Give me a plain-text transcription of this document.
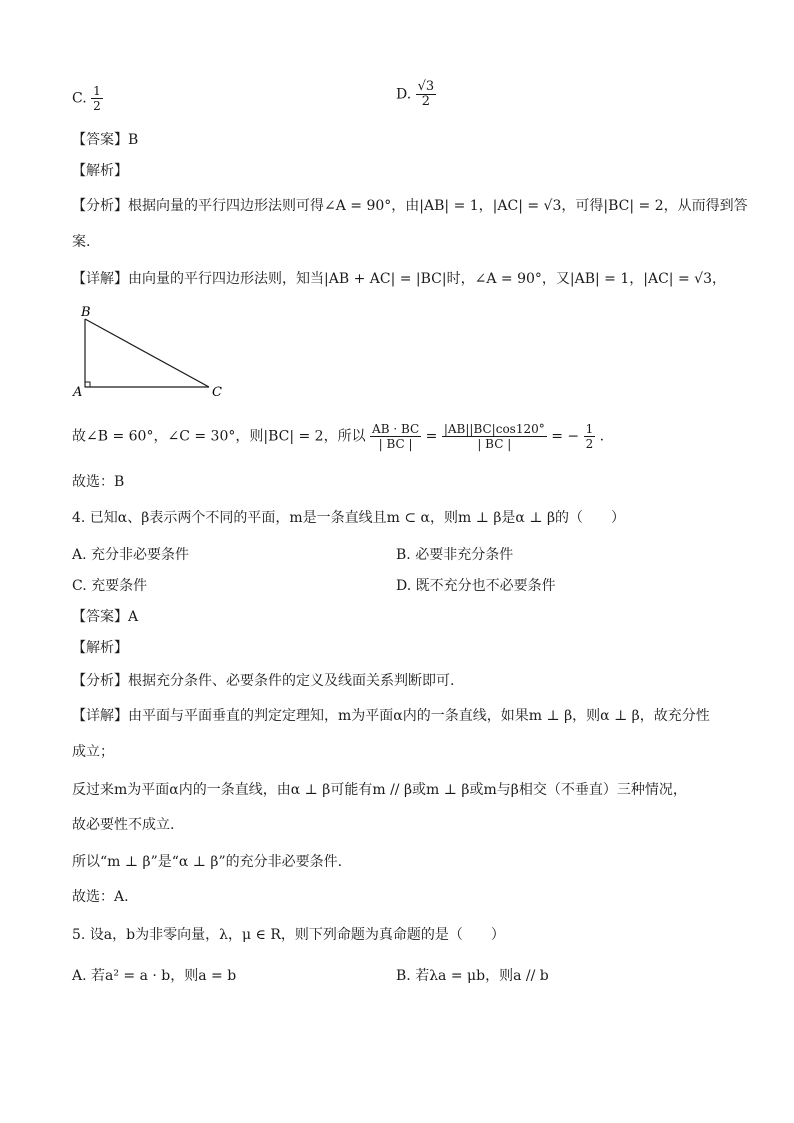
C. $\frac{1}{2}$	D. $\frac{√3}{2}$
【答案】B
【解析】
【分析】根据向量的平行四边形法则可得∠A = 90°，由|AB| = 1，|AC| = √3，可得|BC| = 2，从而得到答
案.
【详解】由向量的平行四边形法则，知当|AB + AC| = |BC|时，∠A = 90°，又|AB| = 1，|AC| = √3，
B
A	C
故∠B = 60°，∠C = 30°，则|BC| = 2，所以 $\frac{AB \cdot BC}{| BC |} = \frac{|AB||BC|\cos 120^\circ}{| BC |}$ = − $\frac{1}{2}$ .
故选：B
4. 已知α、β表示两个不同的平面，m是一条直线且m ⊂ α，则m ⊥ β是α ⊥ β的（　　）
A. 充分非必要条件	B. 必要非充分条件
C. 充要条件	D. 既不充分也不必要条件
【答案】A
【解析】
【分析】根据充分条件、必要条件的定义及线面关系判断即可.
【详解】由平面与平面垂直的判定定理知，m为平面α内的一条直线，如果m ⊥ β，则α ⊥ β，故充分性
成立；
反过来m为平面α内的一条直线，由α ⊥ β可能有m // β或m ⊥ β或m与β相交（不垂直）三种情况，
故必要性不成立.
所以“m ⊥ β”是“α ⊥ β”的充分非必要条件.
故选：A.
5. 设a，b为非零向量，λ，μ ∈ R，则下列命题为真命题的是（　　）
A. 若a² = a · b，则a = b	B. 若λa = μb，则a // b
